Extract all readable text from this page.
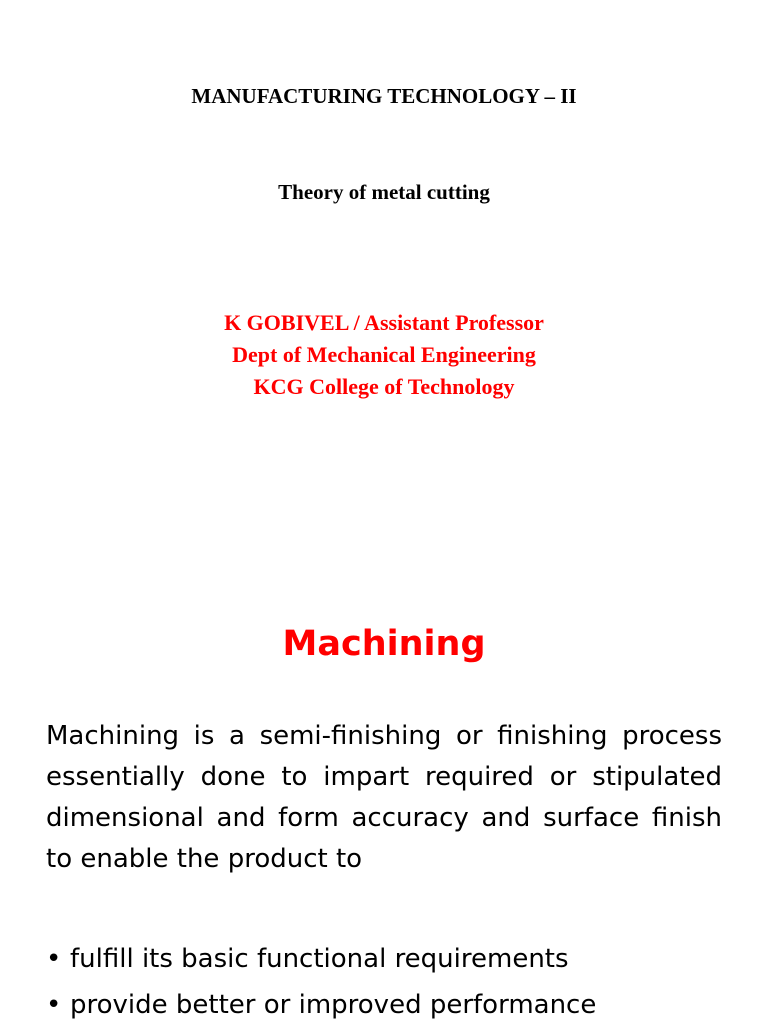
MANUFACTURING TECHNOLOGY – II
Theory of metal cutting
K GOBIVEL / Assistant Professor
Dept of Mechanical Engineering
KCG College of Technology
Machining
Machining is a semi-finishing or finishing process essentially done to impart required or stipulated dimensional and form accuracy and surface finish to enable the product to
• fulfill its basic functional requirements
• provide better or improved performance
